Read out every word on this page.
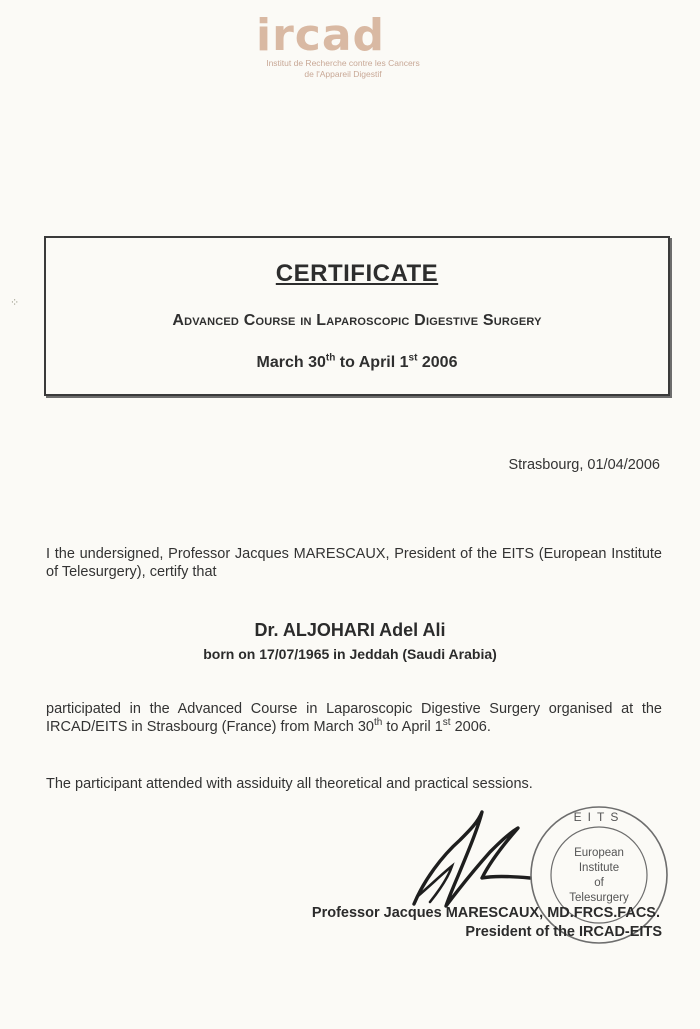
ircad
Institut de Recherche contre les Cancers
de l'Appareil Digestif
⁘
CERTIFICATE
Advanced Course in Laparoscopic Digestive Surgery
March 30th to April 1st 2006
Strasbourg, 01/04/2006
I the undersigned, Professor Jacques MARESCAUX, President of the EITS (European Institute of Telesurgery), certify that
Dr. ALJOHARI Adel Ali
born on 17/07/1965 in Jeddah (Saudi Arabia)
participated in the Advanced Course in Laparoscopic Digestive Surgery organised at the IRCAD/EITS in Strasbourg (France) from March 30th to April 1st 2006.
The participant attended with assiduity all theoretical and practical sessions.
EITS
European
Institute
of
Telesurgery
Professor Jacques MARESCAUX, MD.FRCS.FACS.
President of the IRCAD-EITS
